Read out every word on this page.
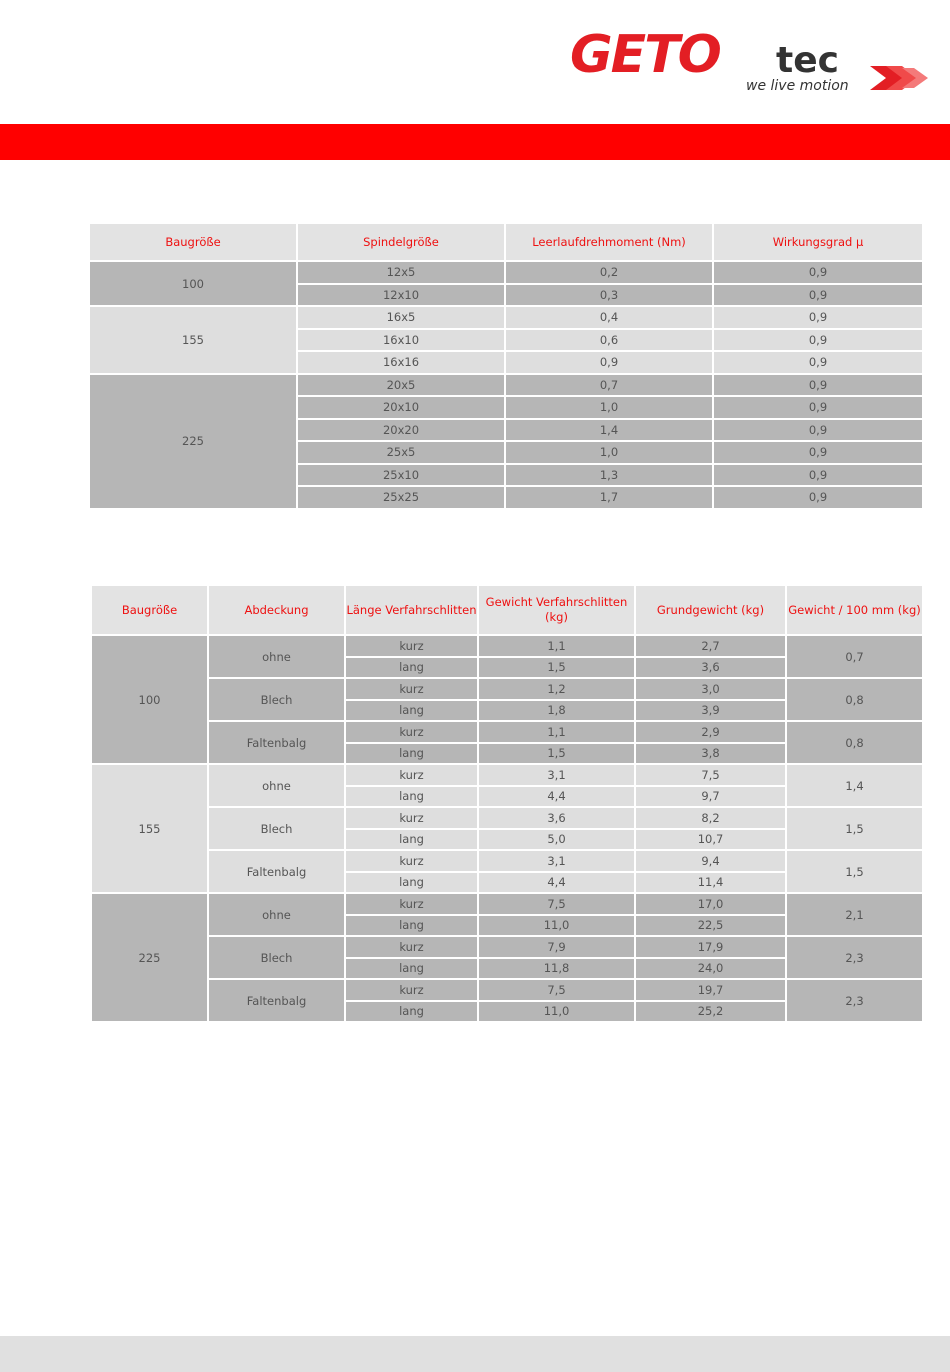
GETO tec
we live motion
Baugröße	Spindelgröße	Leerlaufdrehmoment (Nm)	Wirkungsgrad µ
100	12x5	0,2	0,9
	12x10	0,3	0,9
155	16x5	0,4	0,9
	16x10	0,6	0,9
	16x16	0,9	0,9
225	20x5	0,7	0,9
	20x10	1,0	0,9
	20x20	1,4	0,9
	25x5	1,0	0,9
	25x10	1,3	0,9
	25x25	1,7	0,9
Baugröße	Abdeckung	Länge Verfahrschlitten	Gewicht Verfahrschlitten (kg)	Grundgewicht (kg)	Gewicht / 100 mm (kg)
100	ohne	kurz	1,1	2,7	0,7
		lang	1,5	3,6	
	Blech	kurz	1,2	3,0	0,8
		lang	1,8	3,9	
	Faltenbalg	kurz	1,1	2,9	0,8
		lang	1,5	3,8	
155	ohne	kurz	3,1	7,5	1,4
		lang	4,4	9,7	
	Blech	kurz	3,6	8,2	1,5
		lang	5,0	10,7	
	Faltenbalg	kurz	3,1	9,4	1,5
		lang	4,4	11,4	
225	ohne	kurz	7,5	17,0	2,1
		lang	11,0	22,5	
	Blech	kurz	7,9	17,9	2,3
		lang	11,8	24,0	
	Faltenbalg	kurz	7,5	19,7	2,3
		lang	11,0	25,2	
